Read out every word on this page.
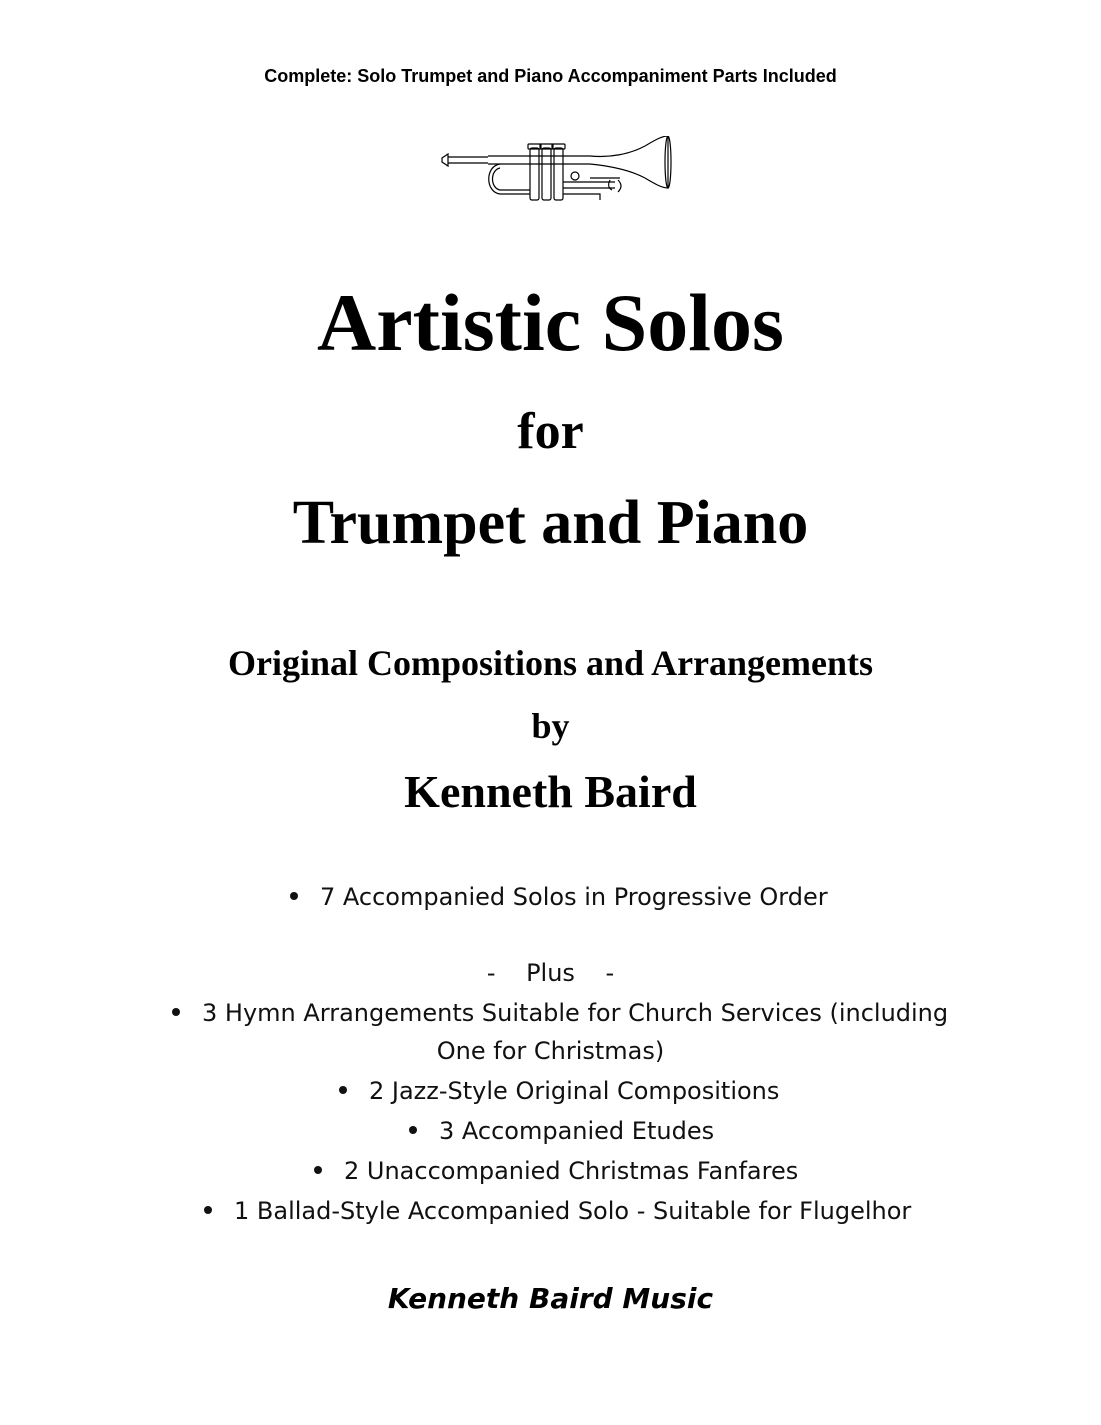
Complete: Solo Trumpet and Piano Accompaniment Parts Included
Artistic Solos
for
Trumpet and Piano
Original Compositions and Arrangements
by
Kenneth Baird
7 Accompanied Solos in Progressive Order
-    Plus    -
3 Hymn Arrangements Suitable for Church Services (including
One for Christmas)
2 Jazz-Style Original Compositions
3 Accompanied Etudes
2 Unaccompanied Christmas Fanfares
1 Ballad-Style Accompanied Solo - Suitable for Flugelhor
Kenneth Baird Music
